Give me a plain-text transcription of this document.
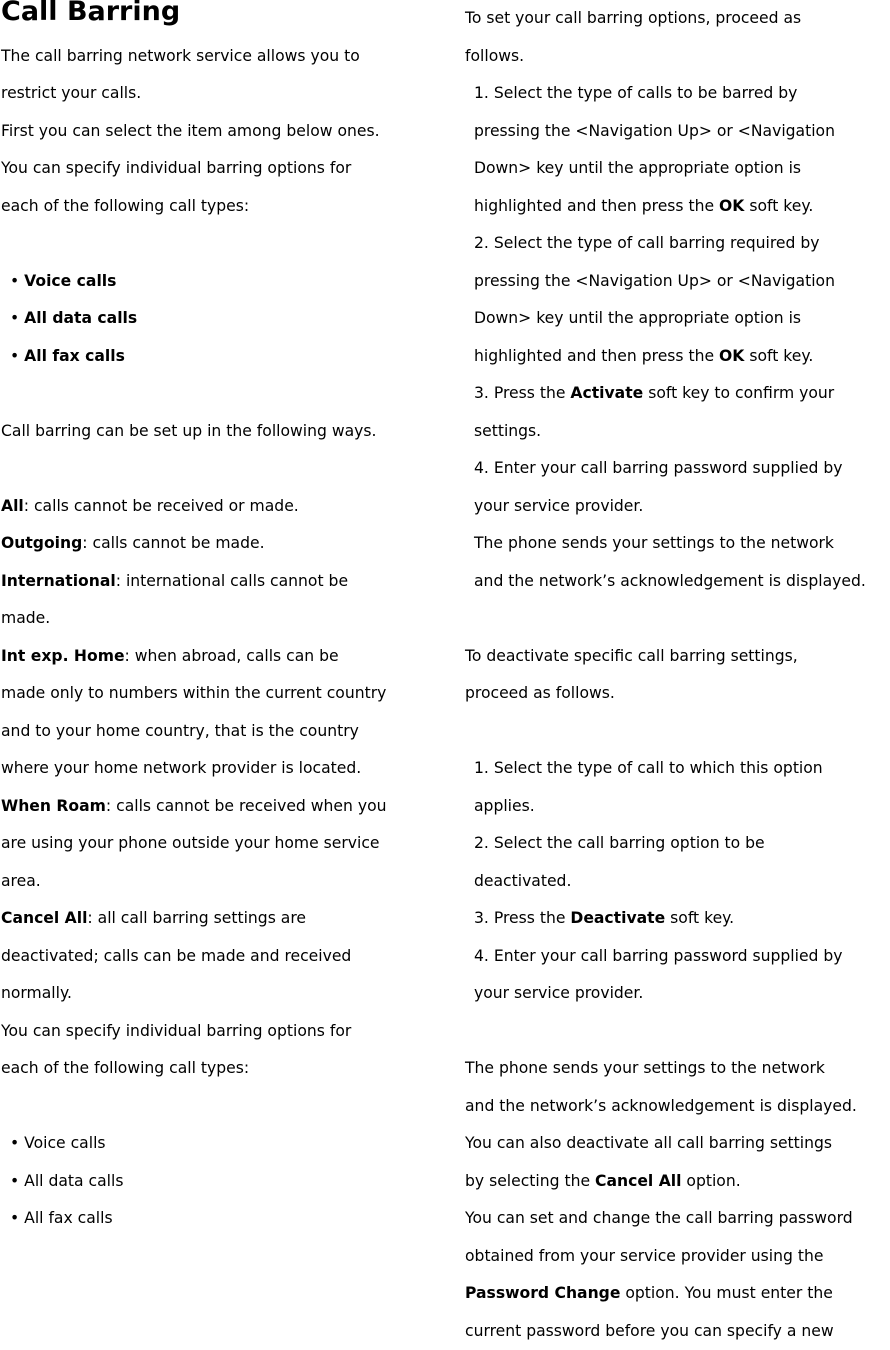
Call Barring
The call barring network service allows you to
restrict your calls.
First you can select the item among below ones.
You can specify individual barring options for
each of the following call types:
• Voice calls
• All data calls
• All fax calls
Call barring can be set up in the following ways.
All: calls cannot be received or made.
Outgoing: calls cannot be made.
International: international calls cannot be
made.
Int exp. Home: when abroad, calls can be
made only to numbers within the current country
and to your home country, that is the country
where your home network provider is located.
When Roam: calls cannot be received when you
are using your phone outside your home service
area.
Cancel All: all call barring settings are
deactivated; calls can be made and received
normally.
You can specify individual barring options for
each of the following call types:
• Voice calls
• All data calls
• All fax calls
To set your call barring options, proceed as
follows.
1. Select the type of calls to be barred by
pressing the <Navigation Up> or <Navigation
Down> key until the appropriate option is
highlighted and then press the OK soft key.
2. Select the type of call barring required by
pressing the <Navigation Up> or <Navigation
Down> key until the appropriate option is
highlighted and then press the OK soft key.
3. Press the Activate soft key to confirm your
settings.
4. Enter your call barring password supplied by
your service provider.
The phone sends your settings to the network
and the network’s acknowledgement is displayed.
To deactivate specific call barring settings,
proceed as follows.
1. Select the type of call to which this option
applies.
2. Select the call barring option to be
deactivated.
3. Press the Deactivate soft key.
4. Enter your call barring password supplied by
your service provider.
The phone sends your settings to the network
and the network’s acknowledgement is displayed.
You can also deactivate all call barring settings
by selecting the Cancel All option.
You can set and change the call barring password
obtained from your service provider using the
Password Change option. You must enter the
current password before you can specify a new
